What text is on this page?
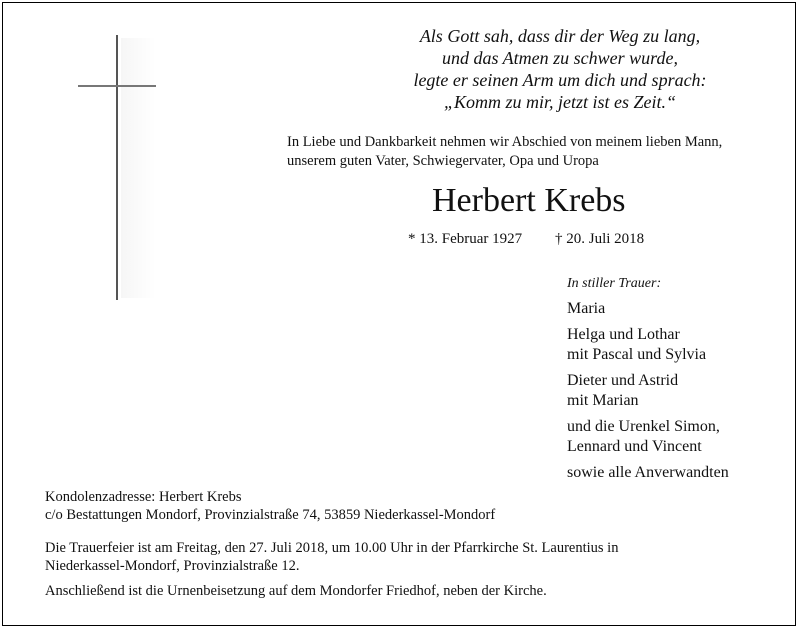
Als Gott sah, dass dir der Weg zu lang,
und das Atmen zu schwer wurde,
legte er seinen Arm um dich und sprach:
„Komm zu mir, jetzt ist es Zeit.“
In Liebe und Dankbarkeit nehmen wir Abschied von meinem lieben Mann,
unserem guten Vater, Schwiegervater, Opa und Uropa
Herbert Krebs
* 13. Februar 1927 † 20. Juli 2018
In stiller Trauer:
Maria
Helga und Lothar
mit Pascal und Sylvia
Dieter und Astrid
mit Marian
und die Urenkel Simon,
Lennard und Vincent
sowie alle Anverwandten
Kondolenzadresse: Herbert Krebs
c/o Bestattungen Mondorf, Provinzialstraße 74, 53859 Niederkassel-Mondorf
Die Trauerfeier ist am Freitag, den 27. Juli 2018, um 10.00 Uhr in der Pfarrkirche St. Laurentius in
Niederkassel-Mondorf, Provinzialstraße 12.
Anschließend ist die Urnenbeisetzung auf dem Mondorfer Friedhof, neben der Kirche.
